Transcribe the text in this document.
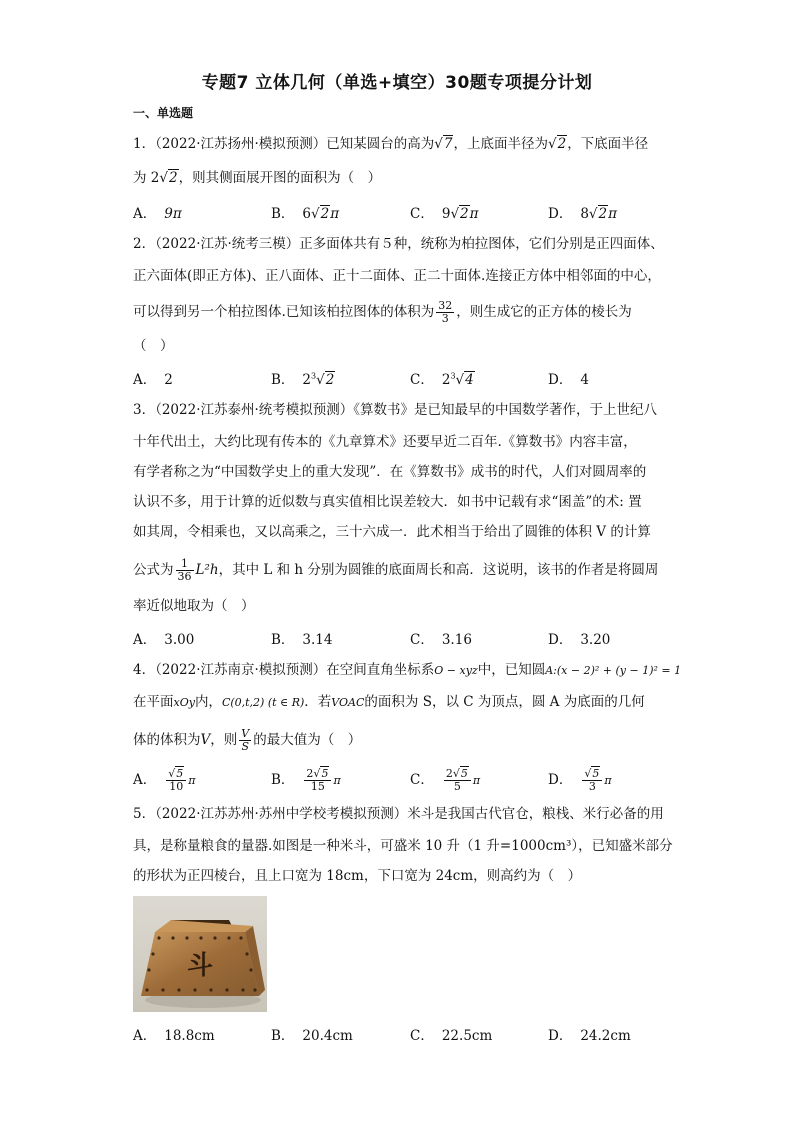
专题7 立体几何（单选+填空）30题专项提分计划
一、单选题
1．（2022·江苏扬州·模拟预测）已知某圆台的高为√7，上底面半径为√2，下底面半径
为 2√2，则其侧面展开图的面积为（　）
A． 9π	B． 6√2π	C． 9√2π	D． 8√2π
2．（2022·江苏·统考三模）正多面体共有５种，统称为柏拉图体，它们分别是正四面体、
正六面体(即正方体)、正八面体、正十二面体、正二十面体.连接正方体中相邻面的中心，
可以得到另一个柏拉图体.已知该柏拉图体的体积为 $\frac{32}{3}$ ，则生成它的正方体的棱长为
（　）
A． 2	B． $2^3√2$	C． $2^3√4$	D． 4
3．（2022·江苏泰州·统考模拟预测）《算数书》是已知最早的中国数学著作，于上世纪八
十年代出土，大约比现有传本的《九章算术》还要早近二百年.《算数书》内容丰富，
有学者称之为“中国数学史上的重大发现”．在《算数书》成书的时代，人们对圆周率的
认识不多，用于计算的近似数与真实值相比误差较大．如书中记载有求“囷盖”的术: 置
如其周，令相乘也，又以高乘之，三十六成一．此术相当于给出了圆锥的体积 V 的计算
公式为 $\frac{1}{36} L^2h$，其中 L 和 h 分别为圆锥的底面周长和高．这说明，该书的作者是将圆周
率近似地取为（　）
A． 3.00	B． 3.14	C． 3.16	D． 3.20
4．（2022·江苏南京·模拟预测）在空间直角坐标系O − xyz中，已知圆A:(x − 2)² + (y − 1)² = 1
在平面xOy内，C(0,t,2) (t ∈ R)．若VOAC的面积为 S，以 C 为顶点，圆 A 为底面的几何
体的体积为V，则 $\frac{V}{S}$ 的最大值为（　）
A． $\frac{√5}{10}$ π	B． $\frac{2√5}{15}$ π	C． $\frac{2√5}{5}$ π	D． $\frac{√5}{3}$ π
5．（2022·江苏苏州·苏州中学校考模拟预测）米斗是我国古代官仓，粮栈、米行必备的用
具，是称量粮食的量器.如图是一种米斗，可盛米 10 升（1 升=1000cm³），已知盛米部分
的形状为正四棱台，且上口宽为 18cm，下口宽为 24cm，则高约为（　）
斗
A． 18.8cm	B． 20.4cm	C． 22.5cm	D． 24.2cm
